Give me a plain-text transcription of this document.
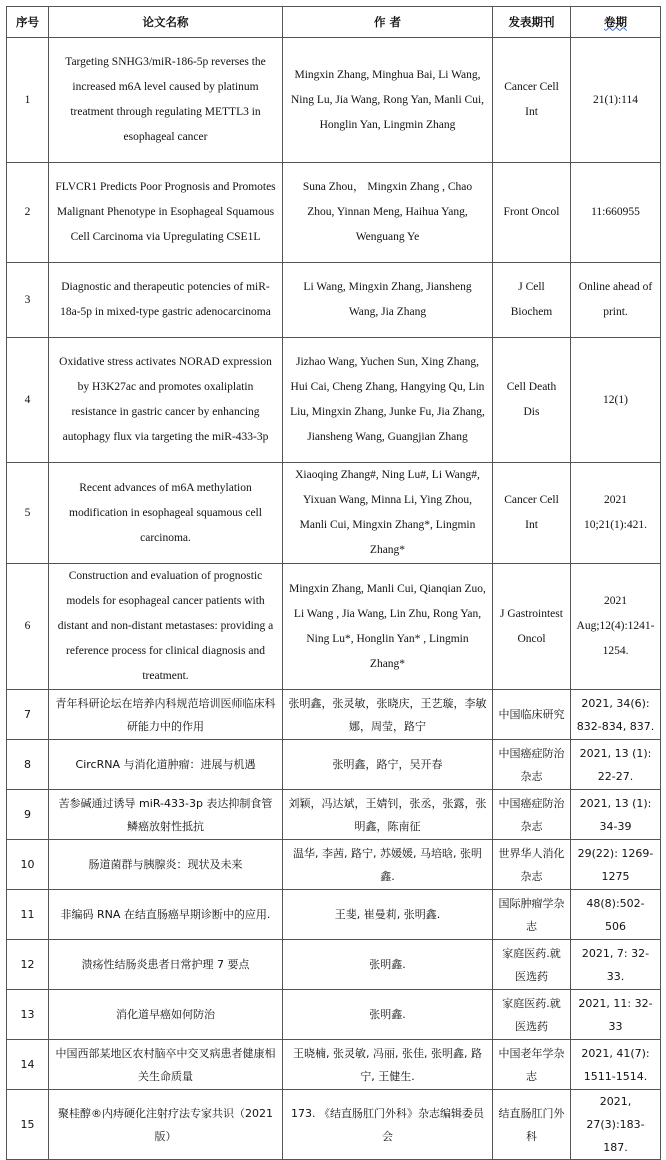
序号	论文名称	作 者	发表期刊	卷期
1	Targeting SNHG3/miR-186-5p reverses the increased m6A level caused by platinum treatment through regulating METTL3 in esophageal cancer	Mingxin Zhang, Minghua Bai, Li Wang, Ning Lu, Jia Wang, Rong Yan, Manli Cui, Honglin Yan, Lingmin Zhang	Cancer Cell Int	21(1):114
2	FLVCR1 Predicts Poor Prognosis and Promotes Malignant Phenotype in Esophageal Squamous Cell Carcinoma via Upregulating CSE1L	Suna Zhou， Mingxin Zhang , Chao Zhou, Yinnan Meng, Haihua Yang, Wenguang Ye	Front Oncol	11:660955
3	Diagnostic and therapeutic potencies of miR-18a-5p in mixed-type gastric adenocarcinoma	Li Wang, Mingxin Zhang, Jiansheng Wang, Jia Zhang	J Cell Biochem	Online ahead of print.
4	Oxidative stress activates NORAD expression by H3K27ac and promotes oxaliplatin resistance in gastric cancer by enhancing autophagy flux via targeting the miR-433-3p	Jizhao Wang, Yuchen Sun, Xing Zhang, Hui Cai, Cheng Zhang, Hangying Qu, Lin Liu, Mingxin Zhang, Junke Fu, Jia Zhang, Jiansheng Wang, Guangjian Zhang	Cell Death Dis	12(1)
5	Recent advances of m6A methylation modification in esophageal squamous cell carcinoma.	Xiaoqing Zhang#, Ning Lu#, Li Wang#, Yixuan Wang, Minna Li, Ying Zhou, Manli Cui, Mingxin Zhang*, Lingmin Zhang*	Cancer Cell Int	2021 10;21(1):421.
6	Construction and evaluation of prognostic models for esophageal cancer patients with distant and non-distant metastases: providing a reference process for clinical diagnosis and treatment.	Mingxin Zhang, Manli Cui, Qianqian Zuo, Li Wang , Jia Wang, Lin Zhu, Rong Yan, Ning Lu*, Honglin Yan* , Lingmin Zhang*	J Gastrointest Oncol	2021 Aug;12(4):1241-1254.
7	青年科研论坛在培养内科规范培训医师临床科研能力中的作用	张明鑫，张灵敏，张晓庆，王艺璇，李敏娜，周莹，路宁	中国临床研究	2021, 34(6): 832-834, 837.
8	CircRNA 与消化道肿瘤：进展与机遇	张明鑫，路宁，吴开春	中国癌症防治杂志	2021, 13 (1): 22-27.
9	苦参碱通过诱导 miR-433-3p 表达抑制食管鳞癌放射性抵抗	刘颖，冯达斌，王婧钊，张丞，张露，张明鑫，陈南征	中国癌症防治杂志	2021, 13 (1): 34-39
10	肠道菌群与胰腺炎：现状及未来	温华, 李茜, 路宁, 苏媛媛, 马培晗, 张明鑫.	世界华人消化杂志	29(22): 1269-1275
11	非编码 RNA 在结直肠癌早期诊断中的应用.	王斐, 崔曼莉, 张明鑫.	国际肿瘤学杂志	48(8):502-506
12	溃疡性结肠炎患者日常护理 7 要点	张明鑫.	家庭医药.就医选药	2021, 7: 32-33.
13	消化道早癌如何防治	张明鑫.	家庭医药.就医选药	2021, 11: 32-33
14	中国西部某地区农村脑卒中交叉病患者健康相关生命质量	王晓楠, 张灵敏, 冯丽, 张佳, 张明鑫, 路宁, 王健生.	中国老年学杂志	2021, 41(7): 1511-1514.
15	聚桂醇®内痔硬化注射疗法专家共识（2021 版）	173. 《结直肠肛门外科》杂志编辑委员会	结直肠肛门外科	2021, 27(3):183-187.
